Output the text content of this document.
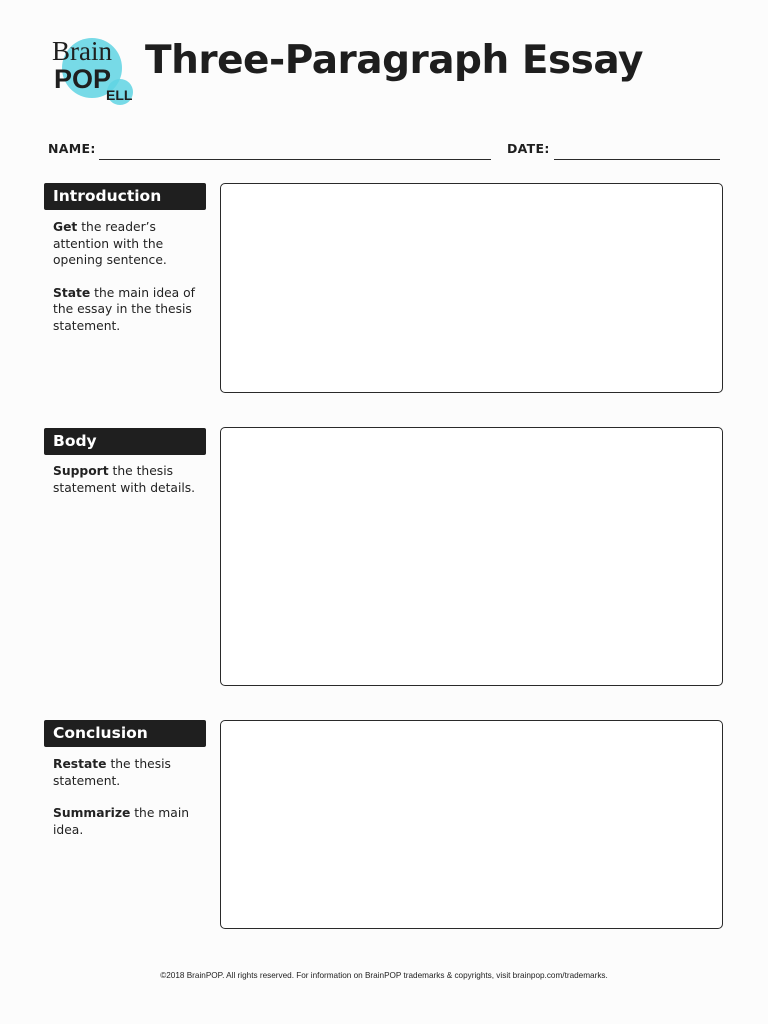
Brain
POP
ELL
Three-Paragraph Essay
NAME:	DATE:
Introduction

Get the reader’s attention with the opening sentence.

State the main idea of the essay in the thesis statement.

Body

Support the thesis statement with details.

Conclusion

Restate the thesis statement.

Summarize the main idea.

©2018 BrainPOP. All rights reserved. For information on BrainPOP trademarks & copyrights, visit brainpop.com/trademarks.
